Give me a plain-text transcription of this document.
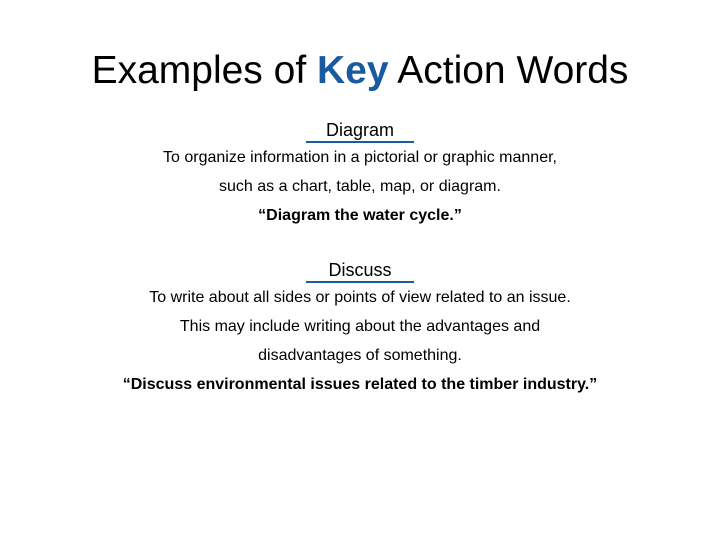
Examples of Key Action Words
Diagram
To organize information in a pictorial or graphic manner,
such as a chart, table, map, or diagram.
“Diagram the water cycle.”
Discuss
To write about all sides or points of view related to an issue.
This may include writing about the advantages and
disadvantages of something.
“Discuss environmental issues related to the timber industry.”
